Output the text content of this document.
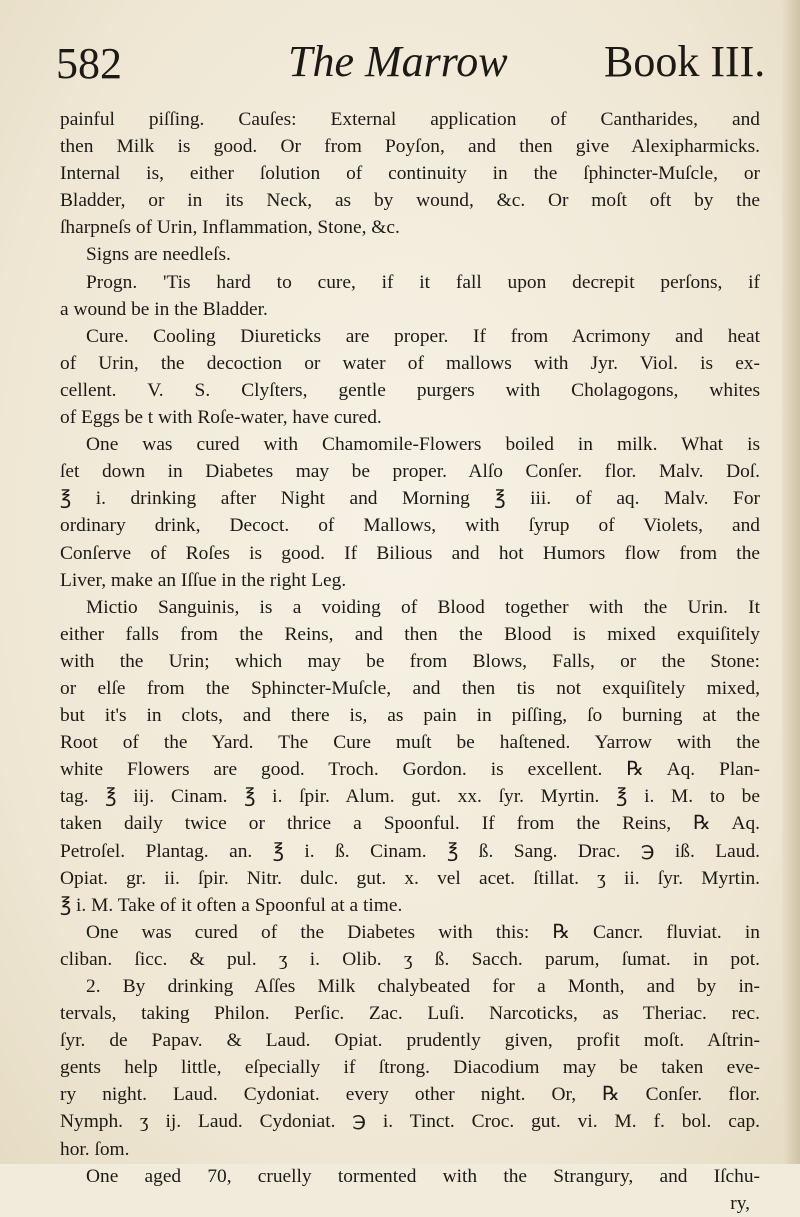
582	The Marrow Book III.
painful piſſing. Cauſes: External application of Cantharides, and
then Milk is good. Or from Poyſon, and then give Alexipharmicks.
Internal is, either ſolution of continuity in the ſphincter-Muſcle, or
Bladder, or in its Neck, as by wound, &c. Or moſt oft by the
ſharpneſs of Urin, Inflammation, Stone, &c.
Signs are needleſs.
Progn. 'Tis hard to cure, if it fall upon decrepit perſons, if
a wound be in the Bladder.
Cure. Cooling Diureticks are proper. If from Acrimony and heat
of Urin, the decoction or water of mallows with Jyr. Viol. is ex-
cellent. V. S. Clyſters, gentle purgers with Cholagogons, whites
of Eggs be t with Roſe-water, have cured.
One was cured with Chamomile-Flowers boiled in milk. What is
ſet down in Diabetes may be proper. Alſo Conſer. flor. Malv. Doſ.
℥ i. drinking after Night and Morning ℥ iii. of aq. Malv. For
ordinary drink, Decoct. of Mallows, with ſyrup of Violets, and
Conſerve of Roſes is good. If Bilious and hot Humors flow from the
Liver, make an Iſſue in the right Leg.
Mictio Sanguinis, is a voiding of Blood together with the Urin. It
either falls from the Reins, and then the Blood is mixed exquiſitely
with the Urin; which may be from Blows, Falls, or the Stone:
or elſe from the Sphincter-Muſcle, and then tis not exquiſitely mixed,
but it's in clots, and there is, as pain in piſſing, ſo burning at the
Root of the Yard. The Cure muſt be haſtened. Yarrow with the
white Flowers are good. Troch. Gordon. is excellent. ℞ Aq. Plan-
tag. ℥ iij. Cinam. ℥ i. ſpir. Alum. gut. xx. ſyr. Myrtin. ℥ i. M. to be
taken daily twice or thrice a Spoonful. If from the Reins, ℞ Aq.
Petroſel. Plantag. an. ℥ i. ß. Cinam. ℥ ß. Sang. Drac. ℈ iß. Laud.
Opiat. gr. ii. ſpir. Nitr. dulc. gut. x. vel acet. ſtillat. ʒ ii. ſyr. Myrtin.
℥ i. M. Take of it often a Spoonful at a time.
One was cured of the Diabetes with this: ℞ Cancr. fluviat. in
cliban. ſicc. & pul. ʒ i. Olib. ʒ ß. Sacch. parum, ſumat. in pot.
2. By drinking Aſſes Milk chalybeated for a Month, and by in-
tervals, taking Philon. Perſic. Zac. Luſi. Narcoticks, as Theriac. rec.
ſyr. de Papav. & Laud. Opiat. prudently given, profit moſt. Aſtrin-
gents help little, eſpecially if ſtrong. Diacodium may be taken eve-
ry night. Laud. Cydoniat. every other night. Or, ℞ Conſer. flor.
Nymph. ʒ ij. Laud. Cydoniat. ℈ i. Tinct. Croc. gut. vi. M. f. bol. cap.
hor. ſom.
One aged 70, cruelly tormented with the Strangury, and Iſchu-
ry,
